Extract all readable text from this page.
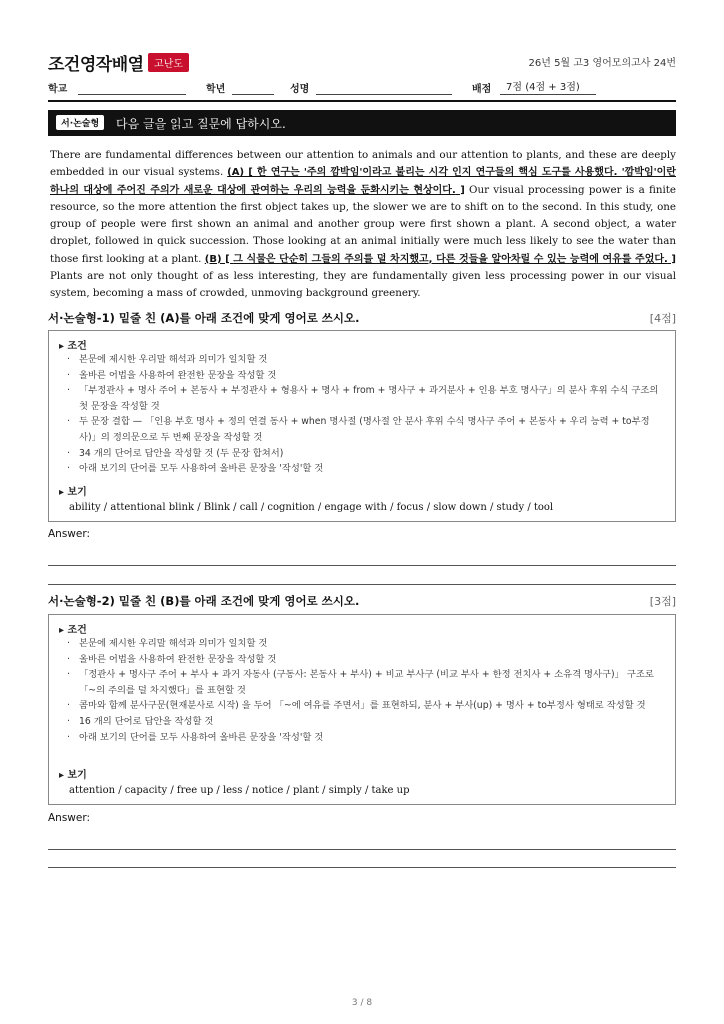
조건영작배열	고난도	26년 5월 고3 영어모의고사 24번
학교	학년	성명	배점 7점 (4점 + 3점)
서·논술형	다음 글을 읽고 질문에 답하시오.
There are fundamental differences between our attention to animals and our attention to plants, and these are deeply embedded in our visual systems. (A) [ 한 연구는 '주의 깜박임'이라고 불리는 시각 인지 연구들의 핵심 도구를 사용했다. '깜박임'이란 하나의 대상에 주어진 주의가 새로운 대상에 관여하는 우리의 능력을 둔화시키는 현상이다. ] Our visual processing power is a finite resource, so the more attention the first object takes up, the slower we are to shift on to the second. In this study, one group of people were first shown an animal and another group were first shown a plant. A second object, a water droplet, followed in quick succession. Those looking at an animal initially were much less likely to see the water than those first looking at a plant. (B) [ 그 식물은 단순히 그들의 주의를 덜 차지했고, 다른 것들을 알아차릴 수 있는 능력에 여유를 주었다. ] Plants are not only thought of as less interesting, they are fundamentally given less processing power in our visual system, becoming a mass of crowded, unmoving background greenery.
서·논술형-1) 밑줄 친 (A)를 아래 조건에 맞게 영어로 쓰시오.	[4점]
▸ 조건
· 본문에 제시한 우리말 해석과 의미가 일치할 것
· 올바른 어법을 사용하여 완전한 문장을 작성할 것
· 「부정관사 + 명사 주어 + 본동사 + 부정관사 + 형용사 + 명사 + from + 명사구 + 과거분사 + 인용 부호 명사구」의 분사 후위 수식 구조의 첫 문장을 작성할 것
· 두 문장 결합 — 「인용 부호 명사 + 정의 연결 동사 + when 명사절 (명사절 안 분사 후위 수식 명사구 주어 + 본동사 + 우리 능력 + to부정사)」의 정의문으로 두 번째 문장을 작성할 것
· 34 개의 단어로 답안을 작성할 것 (두 문장 합쳐서)
· 아래 보기의 단어를 모두 사용하여 올바른 문장을 '작성'할 것
▸ 보기
ability / attentional blink / Blink / call / cognition / engage with / focus / slow down / study / tool
Answer:
서·논술형-2) 밑줄 친 (B)를 아래 조건에 맞게 영어로 쓰시오.	[3점]
▸ 조건
· 본문에 제시한 우리말 해석과 의미가 일치할 것
· 올바른 어법을 사용하여 완전한 문장을 작성할 것
· 「정관사 + 명사구 주어 + 부사 + 과거 자동사 (구동사: 본동사 + 부사) + 비교 부사구 (비교 부사 + 한정 전치사 + 소유격 명사구)」 구조로 「~의 주의를 덜 차지했다」를 표현할 것
· 콤마와 함께 분사구문(현재분사로 시작) 을 두어 「~에 여유를 주면서」를 표현하되, 분사 + 부사(up) + 명사 + to부정사 형태로 작성할 것
· 16 개의 단어로 답안을 작성할 것
· 아래 보기의 단어를 모두 사용하여 올바른 문장을 '작성'할 것
▸ 보기
attention / capacity / free up / less / notice / plant / simply / take up
Answer:
3 / 8
